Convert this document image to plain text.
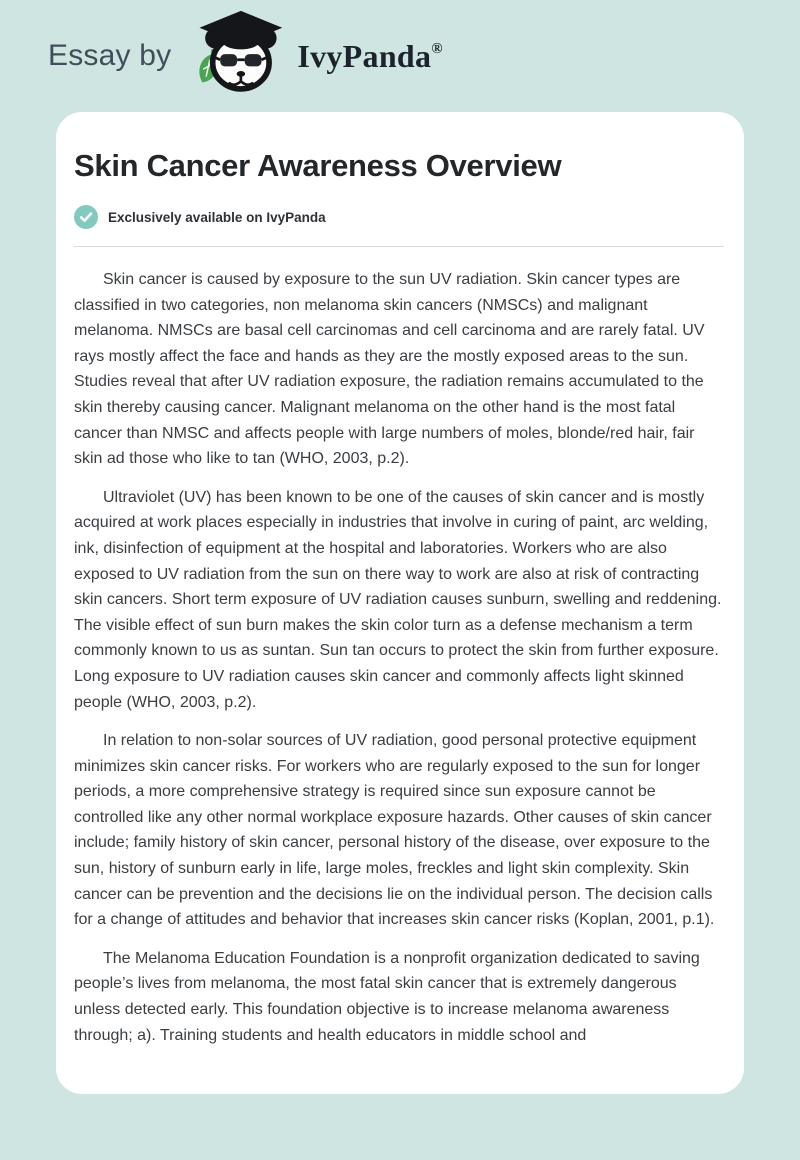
Essay by	IvyPanda®
Skin Cancer Awareness Overview
Exclusively available on IvyPanda

Skin cancer is caused by exposure to the sun UV radiation. Skin cancer types are classified in two categories, non melanoma skin cancers (NMSCs) and malignant melanoma. NMSCs are basal cell carcinomas and cell carcinoma and are rarely fatal. UV rays mostly affect the face and hands as they are the mostly exposed areas to the sun. Studies reveal that after UV radiation exposure, the radiation remains accumulated to the skin thereby causing cancer. Malignant melanoma on the other hand is the most fatal cancer than NMSC and affects people with large numbers of moles, blonde/red hair, fair skin ad those who like to tan (WHO, 2003, p.2).

Ultraviolet (UV) has been known to be one of the causes of skin cancer and is mostly acquired at work places especially in industries that involve in curing of paint, arc welding, ink, disinfection of equipment at the hospital and laboratories. Workers who are also exposed to UV radiation from the sun on there way to work are also at risk of contracting skin cancers. Short term exposure of UV radiation causes sunburn, swelling and reddening. The visible effect of sun burn makes the skin color turn as a defense mechanism a term commonly known to us as suntan. Sun tan occurs to protect the skin from further exposure. Long exposure to UV radiation causes skin cancer and commonly affects light skinned people (WHO, 2003, p.2).

In relation to non-solar sources of UV radiation, good personal protective equipment minimizes skin cancer risks. For workers who are regularly exposed to the sun for longer periods, a more comprehensive strategy is required since sun exposure cannot be controlled like any other normal workplace exposure hazards. Other causes of skin cancer include; family history of skin cancer, personal history of the disease, over exposure to the sun, history of sunburn early in life, large moles, freckles and light skin complexity. Skin cancer can be prevention and the decisions lie on the individual person. The decision calls for a change of attitudes and behavior that increases skin cancer risks (Koplan, 2001, p.1).

The Melanoma Education Foundation is a nonprofit organization dedicated to saving people’s lives from melanoma, the most fatal skin cancer that is extremely dangerous unless detected early. This foundation objective is to increase melanoma awareness through; a). Training students and health educators in middle school and
